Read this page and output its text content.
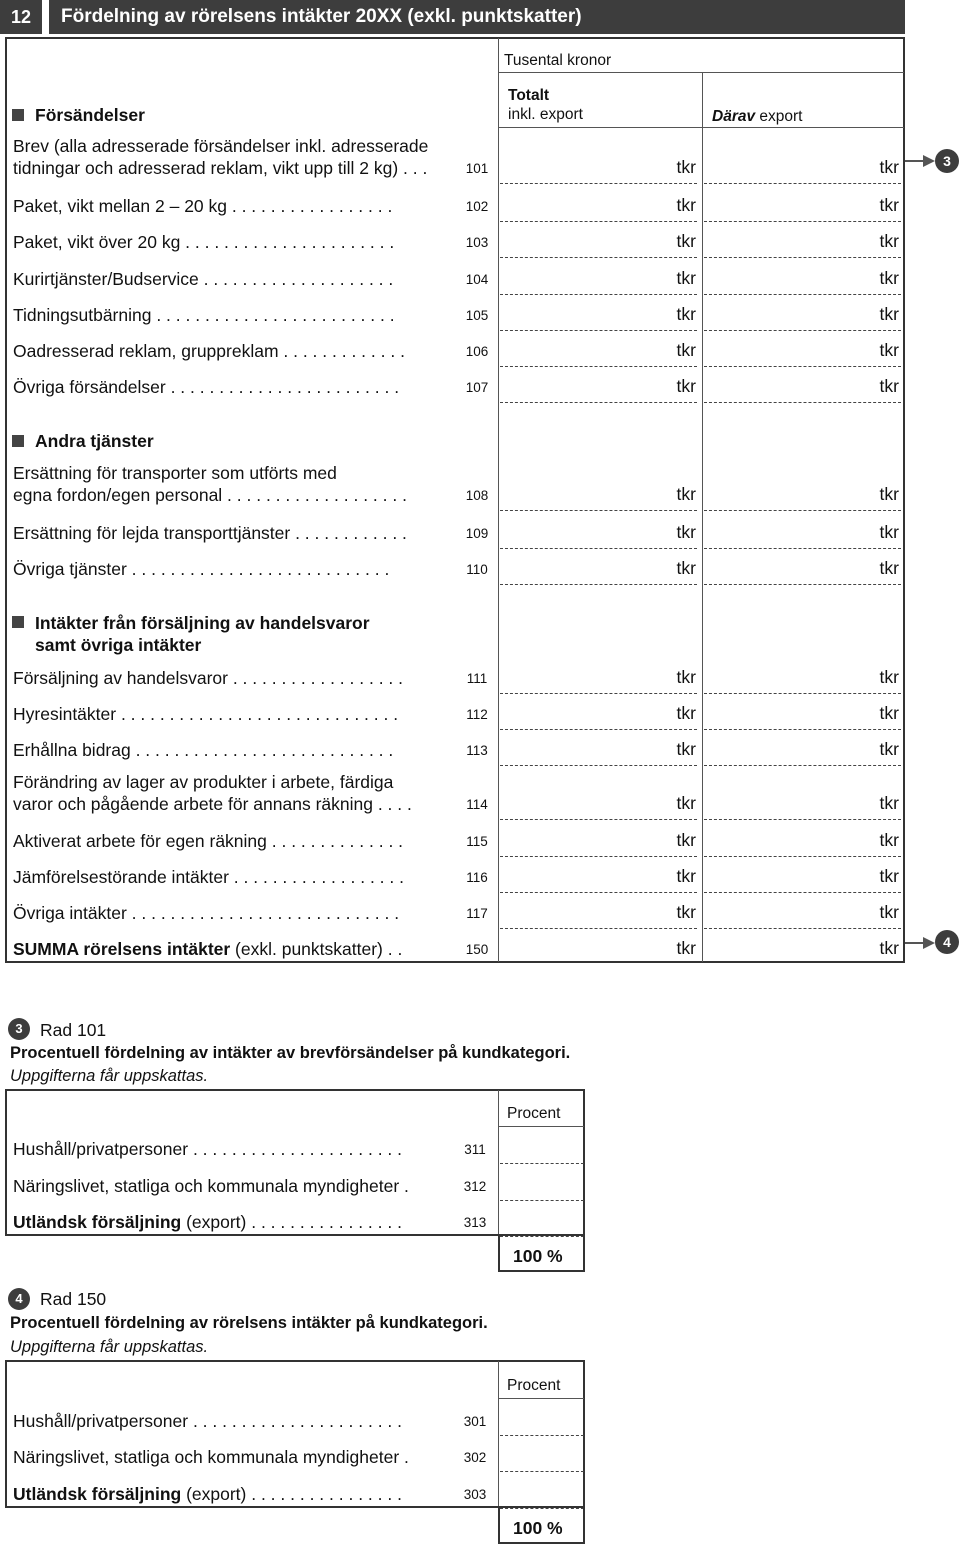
12	Fördelning av rörelsens intäkter 20XX (exkl. punktskatter)
Tusental kronor
Totalt
inkl. export	Därav export
Försändelser
Andra tjänster
Intäkter från försäljning av handelsvaror
samt övriga intäkter
Brev (alla adresserade försändelser inkl. adresserade
tidningar och adresserad reklam, vikt upp till 2 kg) . . .	101	tkr	tkr
Paket, vikt mellan 2 – 20 kg . . . . . . . . . . . . . . . . .	102	tkr	tkr
Paket, vikt över 20 kg . . . . . . . . . . . . . . . . . . . . . .	103	tkr	tkr
Kurirtjänster/Budservice . . . . . . . . . . . . . . . . . . . .	104	tkr	tkr
Tidningsutbärning . . . . . . . . . . . . . . . . . . . . . . . . .	105	tkr	tkr
Oadresserad reklam, gruppreklam . . . . . . . . . . . . .	106	tkr	tkr
Övriga försändelser . . . . . . . . . . . . . . . . . . . . . . . .	107	tkr	tkr
Ersättning för transporter som utförts med
egna fordon/egen personal . . . . . . . . . . . . . . . . . . .	108	tkr	tkr
Ersättning för lejda transporttjänster . . . . . . . . . . . .	109	tkr	tkr
Övriga tjänster . . . . . . . . . . . . . . . . . . . . . . . . . . .	110	tkr	tkr
Försäljning av handelsvaror . . . . . . . . . . . . . . . . . .	111	tkr	tkr
Hyresintäkter . . . . . . . . . . . . . . . . . . . . . . . . . . . . .	112	tkr	tkr
Erhållna bidrag . . . . . . . . . . . . . . . . . . . . . . . . . . .	113	tkr	tkr
Förändring av lager av produkter i arbete, färdiga
varor och pågående arbete för annans räkning . . . .	114	tkr	tkr
Aktiverat arbete för egen räkning . . . . . . . . . . . . . .	115	tkr	tkr
Jämförelsestörande intäkter . . . . . . . . . . . . . . . . . .	116	tkr	tkr
Övriga intäkter . . . . . . . . . . . . . . . . . . . . . . . . . . . .	117	tkr	tkr
SUMMA rörelsens intäkter (exkl. punktskatter) . .	150	tkr	tkr
3
4
3 Rad 101
Procentuell fördelning av intäkter av brevförsändelser på kundkategori.
Uppgifterna får uppskattas.
Procent
Hushåll/privatpersoner . . . . . . . . . . . . . . . . . . . . . .	311
Näringslivet, statliga och kommunala myndigheter .	312
Utländsk försäljning (export) . . . . . . . . . . . . . . . .	313
100 %
4 Rad 150
Procentuell fördelning av rörelsens intäkter på kundkategori.
Uppgifterna får uppskattas.
Procent
Hushåll/privatpersoner . . . . . . . . . . . . . . . . . . . . . .	301
Näringslivet, statliga och kommunala myndigheter .	302
Utländsk försäljning (export) . . . . . . . . . . . . . . . .	303
100 %
